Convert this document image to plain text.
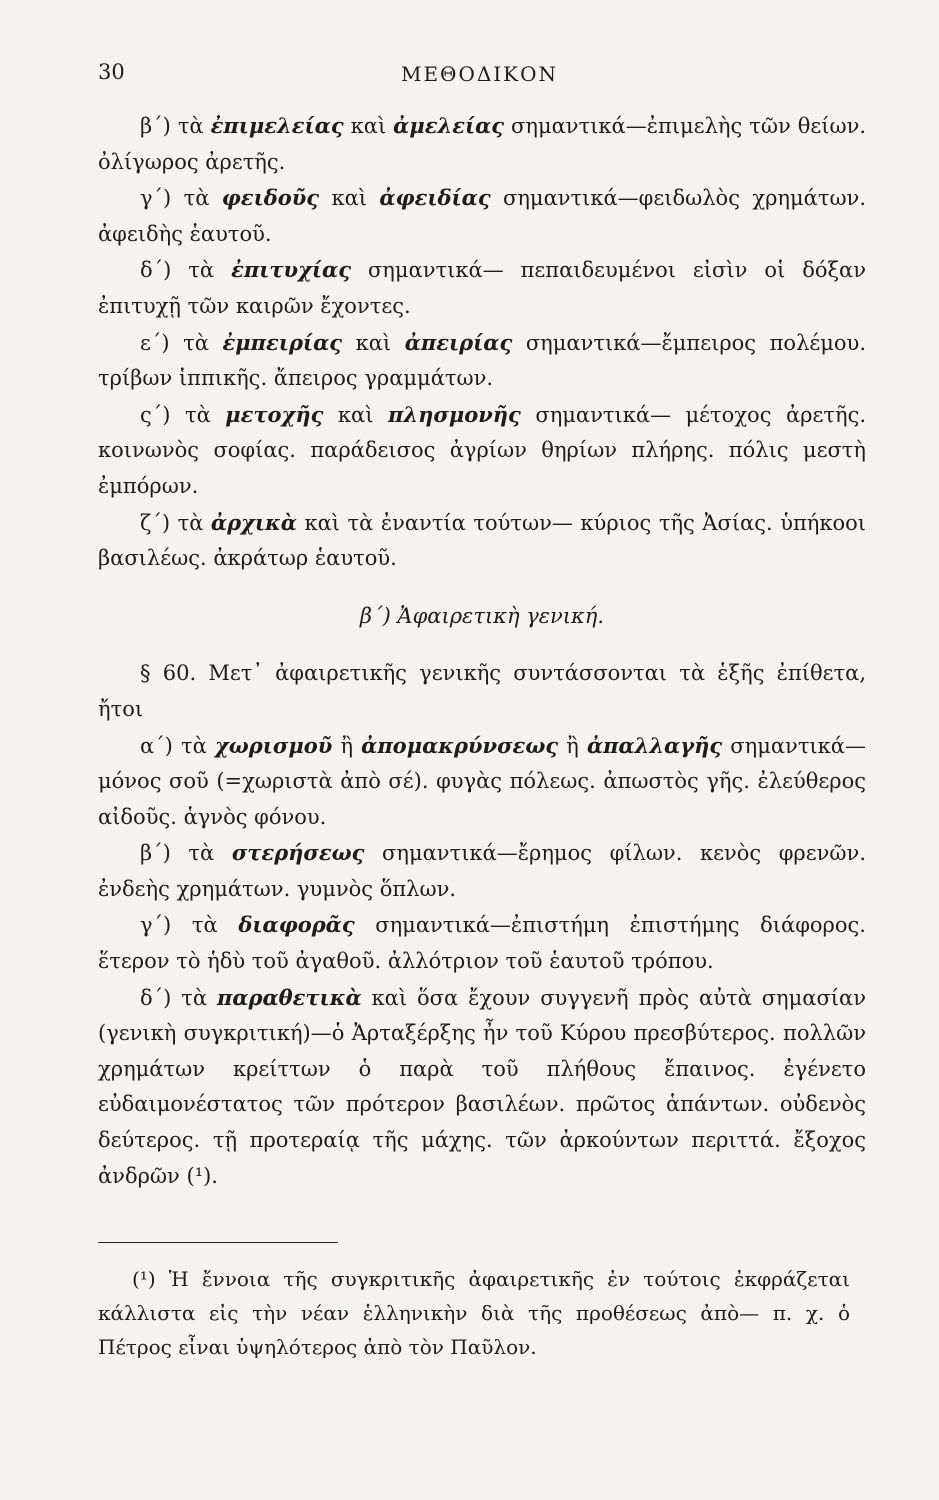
30	ΜΕΘΟΔΙΚΟΝ

β΄) τὰ ἐπιμελείας καὶ ἀμελείας σημαντικά—ἐπιμελὴς τῶν θείων. ὀλίγωρος ἀρετῆς.

γ΄) τὰ φειδοῦς καὶ ἀφειδίας σημαντικά—φειδωλὸς χρημάτων. ἀφειδὴς ἑαυτοῦ.

δ΄) τὰ ἐπιτυχίας σημαντικά— πεπαιδευμένοι εἰσὶν οἱ δόξαν ἐπιτυχῇ τῶν καιρῶν ἔχοντες.

ε΄) τὰ ἐμπειρίας καὶ ἀπειρίας σημαντικά—ἔμπειρος πολέμου. τρίβων ἱππικῆς. ἄπειρος γραμμάτων.

ς΄) τὰ μετοχῆς καὶ πλησμονῆς σημαντικά— μέτοχος ἀρετῆς. κοινωνὸς σοφίας. παράδεισος ἀγρίων θηρίων πλήρης. πόλις μεστὴ ἐμπόρων.

ζ΄) τὰ ἀρχικὰ καὶ τὰ ἐναντία τούτων— κύριος τῆς Ἀσίας. ὑπήκοοι βασιλέως. ἀκράτωρ ἑαυτοῦ.

β΄) Ἀφαιρετικὴ γενική.

§ 60. Μετ᾽ ἀφαιρετικῆς γενικῆς συντάσσονται τὰ ἑξῆς ἐπίθετα, ἤτοι

α΄) τὰ χωρισμοῦ ἢ ἀπομακρύνσεως ἢ ἀπαλλαγῆς σημαντικά—μόνος σοῦ (=χωριστὰ ἀπὸ σέ). φυγὰς πόλεως. ἀπωστὸς γῆς. ἐλεύθερος αἰδοῦς. ἁγνὸς φόνου.

β΄) τὰ στερήσεως σημαντικά—ἔρημος φίλων. κενὸς φρενῶν. ἐνδεὴς χρημάτων. γυμνὸς ὅπλων.

γ΄) τὰ διαφορᾶς σημαντικά—ἐπιστήμη ἐπιστήμης διάφορος. ἕτερον τὸ ἡδὺ τοῦ ἀγαθοῦ. ἀλλότριον τοῦ ἑαυτοῦ τρόπου.

δ΄) τὰ παραθετικὰ καὶ ὅσα ἔχουν συγγενῆ πρὸς αὐτὰ σημασίαν (γενικὴ συγκριτική)—ὁ Ἀρταξέρξης ἦν τοῦ Κύρου πρεσβύτερος. πολλῶν χρημάτων κρείττων ὁ παρὰ τοῦ πλήθους ἔπαινος. ἐγένετο εὐδαιμονέστατος τῶν πρότερον βασιλέων. πρῶτος ἁπάντων. οὐδενὸς δεύτερος. τῇ προτεραίᾳ τῆς μάχης. τῶν ἀρκούντων περιττά. ἔξοχος ἀνδρῶν (¹).

(¹) Ἡ ἔννοια τῆς συγκριτικῆς ἀφαιρετικῆς ἐν τούτοις ἐκφράζεται κάλλιστα εἰς τὴν νέαν ἑλληνικὴν διὰ τῆς προθέσεως ἀπὸ— π. χ. ὁ Πέτρος εἶναι ὑψηλότερος ἀπὸ τὸν Παῦλον.
